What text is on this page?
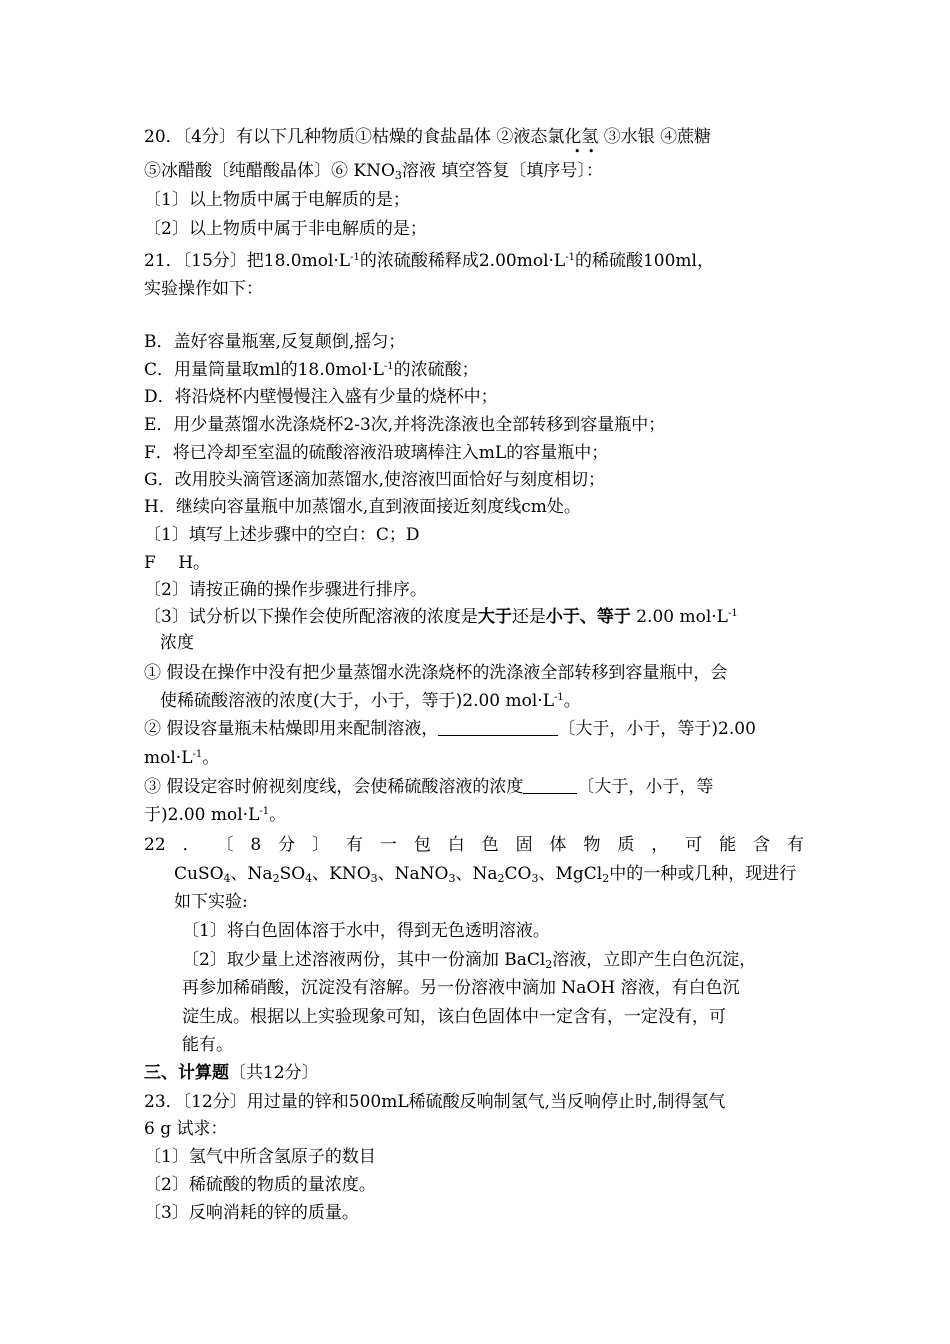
20．〔4分〕有以下几种物质①枯燥的食盐晶体 ②液态氯化氢 ③水银 ④蔗糖
⑤冰醋酸〔纯醋酸晶体〕⑥ $KNO_3$溶液 填空答复〔填序号〕：
• •
〔1〕以上物质中属于电解质的是；
〔2〕以上物质中属于非电解质的是；
21．〔15分〕把$18.0mol\cdot L^{-1}$的浓硫酸稀释成$2.00mol\cdot L^{-1}$的稀硫酸100ml，
实验操作如下：
B．盖好容量瓶塞,反复颠倒,摇匀；
C．用量筒量取ml的$18.0mol\cdot L^{-1}$的浓硫酸；
D．将沿烧杯内壁慢慢注入盛有少量的烧杯中；
E．用少量蒸馏水洗涤烧杯2-3次,并将洗涤液也全部转移到容量瓶中；
F．将已冷却至室温的硫酸溶液沿玻璃棒注入mL的容量瓶中；
G．改用胶头滴管逐滴加蒸馏水,使溶液凹面恰好与刻度相切；
H．继续向容量瓶中加蒸馏水,直到液面接近刻度线cm处。
〔1〕填写上述步骤中的空白：C；D
F　 H。
〔2〕请按正确的操作步骤进行排序。
〔3〕试分析以下操作会使所配溶液的浓度是大于还是小于、等于 2.00 $mol\cdot L^{-1}$
浓度
① 假设在操作中没有把少量蒸馏水洗涤烧杯的洗涤液全部转移到容量瓶中，会
使稀硫酸溶液的浓度(大于，小于，等于)2.00 $mol\cdot L^{-1}$。
② 假设容量瓶未枯燥即用来配制溶液，	〔大于，小于，等于)2.00
$mol\cdot L^{-1}$。
③ 假设定容时俯视刻度线，会使稀硫酸溶液的浓度	〔大于，小于，等
于)2.00 $mol\cdot L^{-1}$。
22 ． 〔 8 分 〕 有 一 包 白 色 固 体 物 质 ， 可 能 含 有
CuSO$_4$、$Na_2SO_4$、$KNO_3$、NaNO$_3$、$Na_2CO_3$、MgCl$_2$中的一种或几种，现进行
如下实验:
〔1〕将白色固体溶于水中，得到无色透明溶液。
〔2〕取少量上述溶液两份，其中一份滴加 BaCl$_2$溶液，立即产生白色沉淀，
再参加稀硝酸，沉淀没有溶解。另一份溶液中滴加 NaOH 溶液，有白色沉
淀生成。根据以上实验现象可知，该白色固体中一定含有，一定没有，可
能有。
三、计算题〔共12分〕
23．〔12分〕用过量的锌和500mL稀硫酸反响制氢气,当反响停止时,制得氢气
6 g 试求：
〔1〕氢气中所含氢原子的数目
〔2〕稀硫酸的物质的量浓度。
〔3〕反响消耗的锌的质量。
